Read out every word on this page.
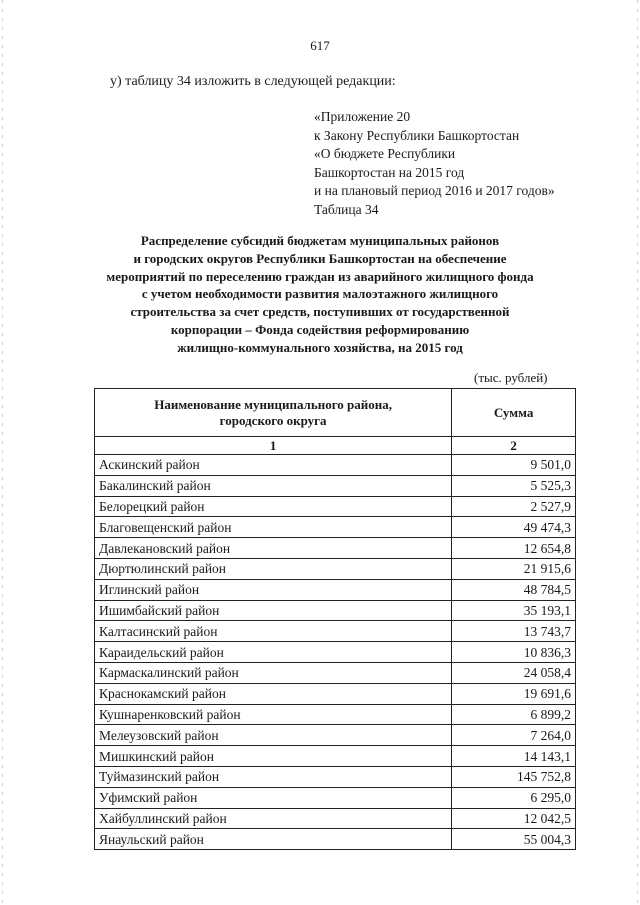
617
у) таблицу 34 изложить в следующей редакции:
«Приложение 20
к Закону Республики Башкортостан
«О бюджете Республики
Башкортостан на 2015 год
и на плановый период 2016 и 2017 годов»
Таблица 34
Распределение субсидий бюджетам муниципальных районов
и городских округов Республики Башкортостан на обеспечение
мероприятий по переселению граждан из аварийного жилищного фонда
с учетом необходимости развития малоэтажного жилищного
строительства за счет средств, поступивших от государственной
корпорации – Фонда содействия реформированию
жилищно-коммунального хозяйства, на 2015 год
(тыс. рублей)
Наименование муниципального района,
городского округа	Сумма
1	2
Аскинский район	9 501,0
Бакалинский район	5 525,3
Белорецкий район	2 527,9
Благовещенский район	49 474,3
Давлекановский район	12 654,8
Дюртюлинский район	21 915,6
Иглинский район	48 784,5
Ишимбайский район	35 193,1
Калтасинский район	13 743,7
Караидельский район	10 836,3
Кармаскалинский район	24 058,4
Краснокамский район	19 691,6
Кушнаренковский район	6 899,2
Мелеузовский район	7 264,0
Мишкинский район	14 143,1
Туймазинский район	145 752,8
Уфимский район	6 295,0
Хайбуллинский район	12 042,5
Янаульский район	55 004,3
